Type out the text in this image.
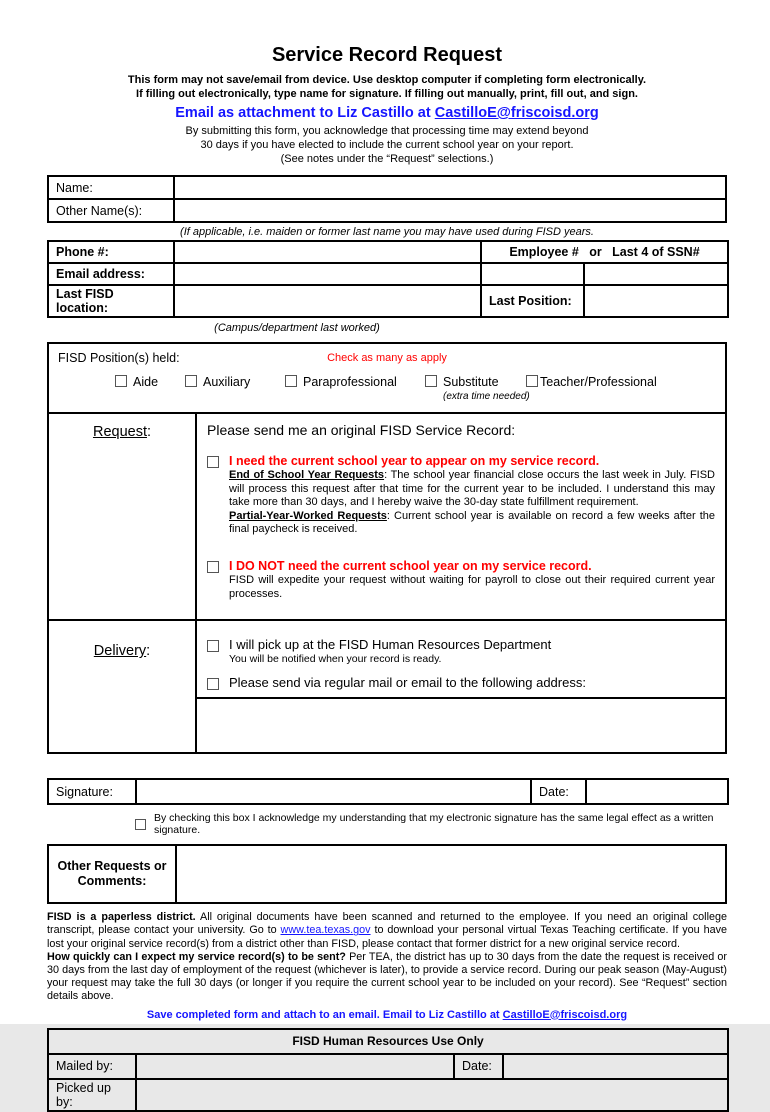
Service Record Request
This form may not save/email from device. Use desktop computer if completing form electronically.
If filling out electronically, type name for signature. If filling out manually, print, fill out, and sign.
Email as attachment to Liz Castillo at CastilloE@friscoisd.org
By submitting this form, you acknowledge that processing time may extend beyond
30 days if you have elected to include the current school year on your report.
(See notes under the “Request” selections.)
Name:	
Other Name(s):	
(If applicable, i.e. maiden or former last name you may have used during FISD years.
Phone #:		Employee #   or   Last 4 of SSN#	
Email address:			
Last FISD location:		Last Position:	
(Campus/department last worked)
FISD Position(s) held:	Check as many as apply
Aide	Auxiliary	Paraprofessional	Substitute
(extra time needed)
Teacher/Professional

Request:	Please send me an original FISD Service Record:
I need the current school year to appear on my service record.
End of School Year Requests: The school year financial close occurs the last week in July. FISD will process this request after that time for the current year to be included. I understand this may take more than 30 days, and I hereby waive the 30-day state fulfillment requirement.
Partial-Year-Worked Requests: Current school year is available on record a few weeks after the final paycheck is received.
I DO NOT need the current school year on my service record.
FISD will expedite your request without waiting for payroll to close out their required current year processes.

Delivery:	I will pick up at the FISD Human Resources Department
You will be notified when your record is ready.
Please send via regular mail or email to the following address:
Signature:		Date:	
By checking this box I acknowledge my understanding that my electronic signature has the same legal effect as a written signature.
Other Requests or Comments:	
FISD is a paperless district. All original documents have been scanned and returned to the employee. If you need an original college transcript, please contact your university. Go to www.tea.texas.gov to download your personal virtual Texas Teaching certificate. If you have lost your original service record(s) from a district other than FISD, please contact that former district for a new original service record.
How quickly can I expect my service record(s) to be sent? Per TEA, the district has up to 30 days from the date the request is received or 30 days from the last day of employment of the request (whichever is later), to provide a service record. During our peak season (May-August) your request may take the full 30 days (or longer if you require the current school year to be included on your record). See “Request” section details above.
Save completed form and attach to an email. Email to Liz Castillo at CastilloE@friscoisd.org
FISD Human Resources Use Only			
Mailed by:		Date:	
Picked up by:			
